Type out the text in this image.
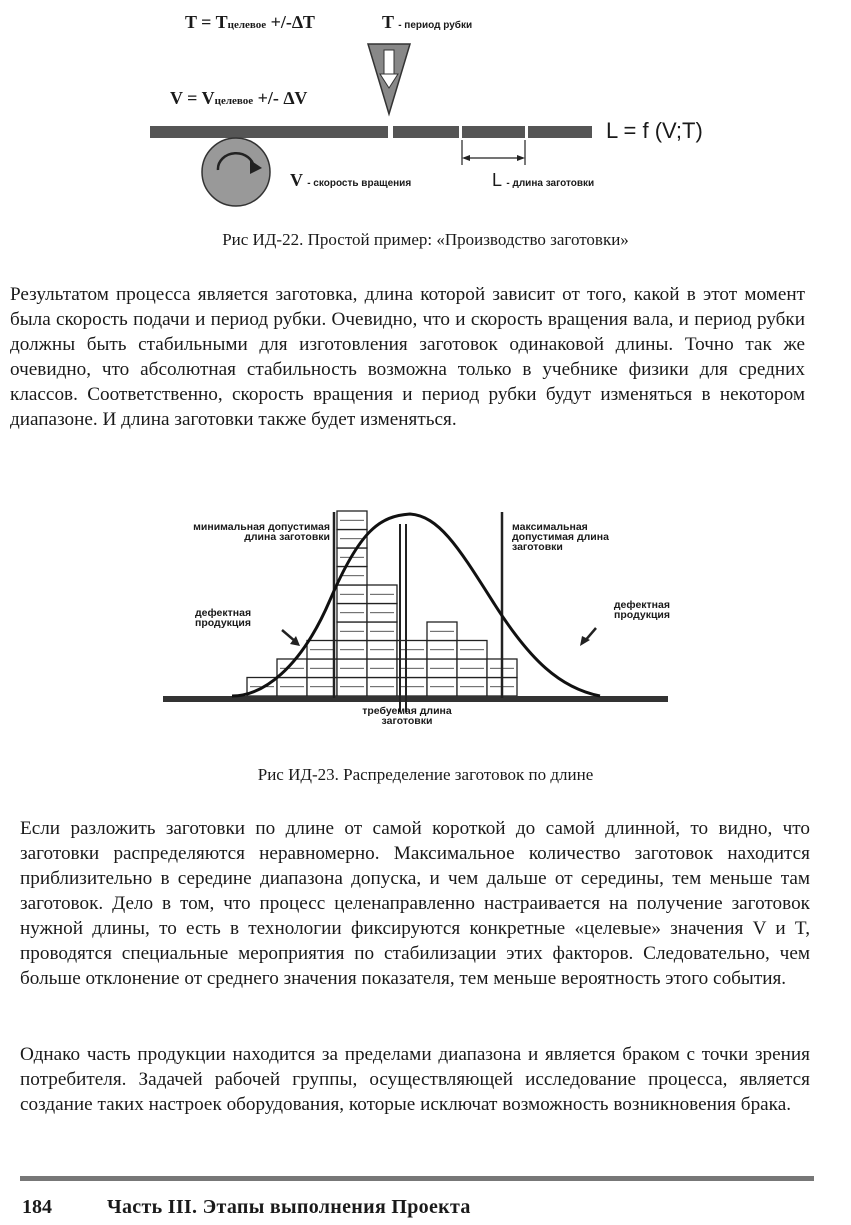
T = Tцелевое +/-∆T	T - период рубки
V = Vцелевое +/- ∆V
L = f (V;T)
V - скорость вращения	L - длина заготовки
Рис ИД-22. Простой пример: «Производство заготовки»

Результатом процесса является заготовка, длина которой зависит от того, какой в этот момент была скорость подачи и период рубки. Очевидно, что и скорость вращения вала, и период рубки должны быть стабильными для изготовления заготовок одинаковой длины. Точно так же очевидно, что абсолютная стабильность возможна только в учебнике физики для средних классов. Соответственно, скорость вращения и период рубки будут изменяться в некотором диапазоне. И длина заготовки также будет изменяться.

минимальная допустимая длина заготовки
максимальная допустимая длина заготовки
дефектная продукция
дефектная продукция
требуемая длина заготовки
Рис ИД-23. Распределение заготовок по длине

Если разложить заготовки по длине от самой короткой до самой длинной, то видно, что заготовки распределяются неравномерно. Максимальное количество заготовок находится приблизительно в середине диапазона допуска, и чем дальше от середины, тем меньше там заготовок. Дело в том, что процесс целенаправленно настраивается на получение заготовок нужной длины, то есть в технологии фиксируются конкретные «целевые» значения V и T, проводятся специальные мероприятия по стабилизации этих факторов. Следовательно, чем больше отклонение от среднего значения показателя, тем меньше вероятность этого события.

Однако часть продукции находится за пределами диапазона и является браком с точки зрения потребителя. Задачей рабочей группы, осуществляющей исследование процесса, является создание таких настроек оборудования, которые исключат возможность возникновения брака.

184	Часть III. Этапы выполнения Проекта
